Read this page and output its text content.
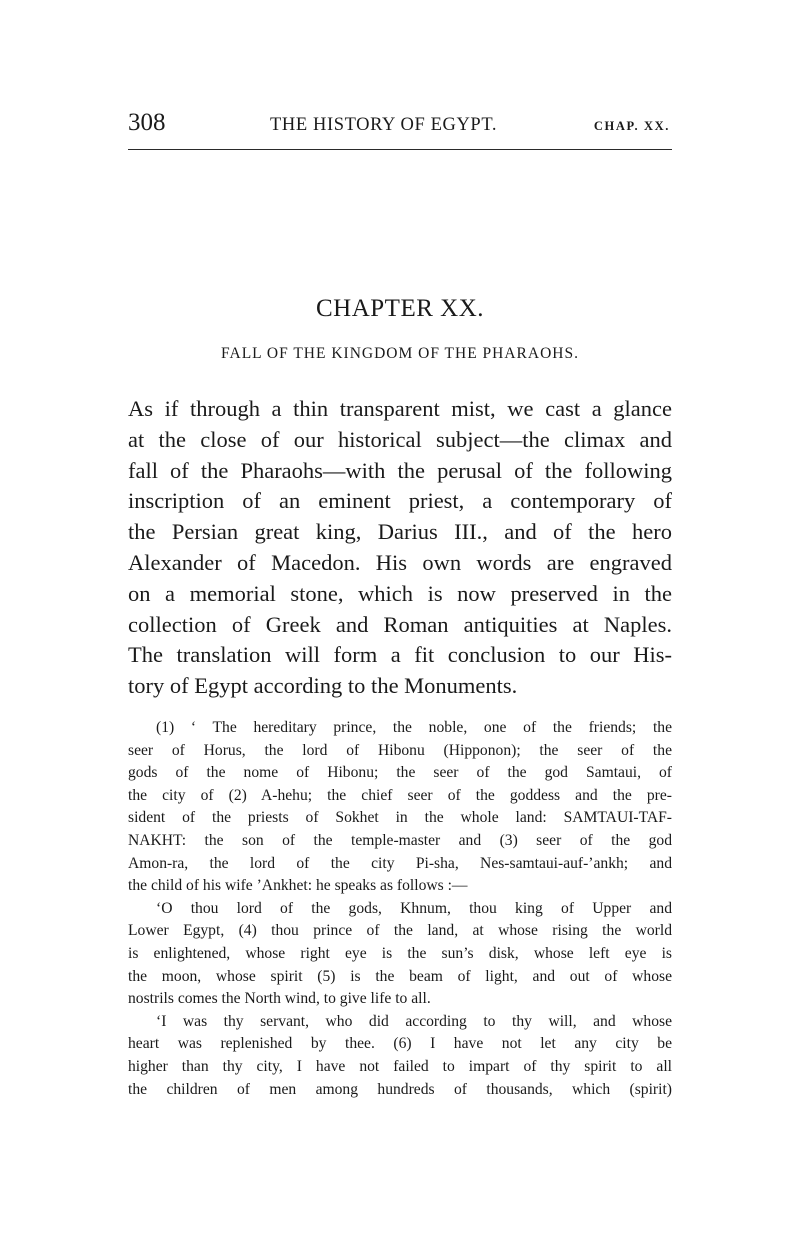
308	THE HISTORY OF EGYPT.	CHAP. XX.
CHAPTER XX.
FALL OF THE KINGDOM OF THE PHARAOHS.
As if through a thin transparent mist, we cast a glance
at the close of our historical subject—the climax and
fall of the Pharaohs—with the perusal of the following
inscription of an eminent priest, a contemporary of
the Persian great king, Darius III., and of the hero
Alexander of Macedon. His own words are engraved
on a memorial stone, which is now preserved in the
collection of Greek and Roman antiquities at Naples.
The translation will form a fit conclusion to our His-
tory of Egypt according to the Monuments.
(1) ‘ The hereditary prince, the noble, one of the friends; the
seer of Horus, the lord of Hibonu (Hipponon); the seer of the
gods of the nome of Hibonu; the seer of the god Samtaui, of
the city of (2) A-hehu; the chief seer of the goddess and the pre-
sident of the priests of Sokhet in the whole land: SAMTAUI-TAF-
NAKHT: the son of the temple-master and (3) seer of the god
Amon-ra, the lord of the city Pi-sha, Nes-samtaui-auf-’ankh; and
the child of his wife ’Ankhet: he speaks as follows :—
‘O thou lord of the gods, Khnum, thou king of Upper and
Lower Egypt, (4) thou prince of the land, at whose rising the world
is enlightened, whose right eye is the sun’s disk, whose left eye is
the moon, whose spirit (5) is the beam of light, and out of whose
nostrils comes the North wind, to give life to all.
‘I was thy servant, who did according to thy will, and whose
heart was replenished by thee. (6) I have not let any city be
higher than thy city, I have not failed to impart of thy spirit to all
the children of men among hundreds of thousands, which (spirit)
